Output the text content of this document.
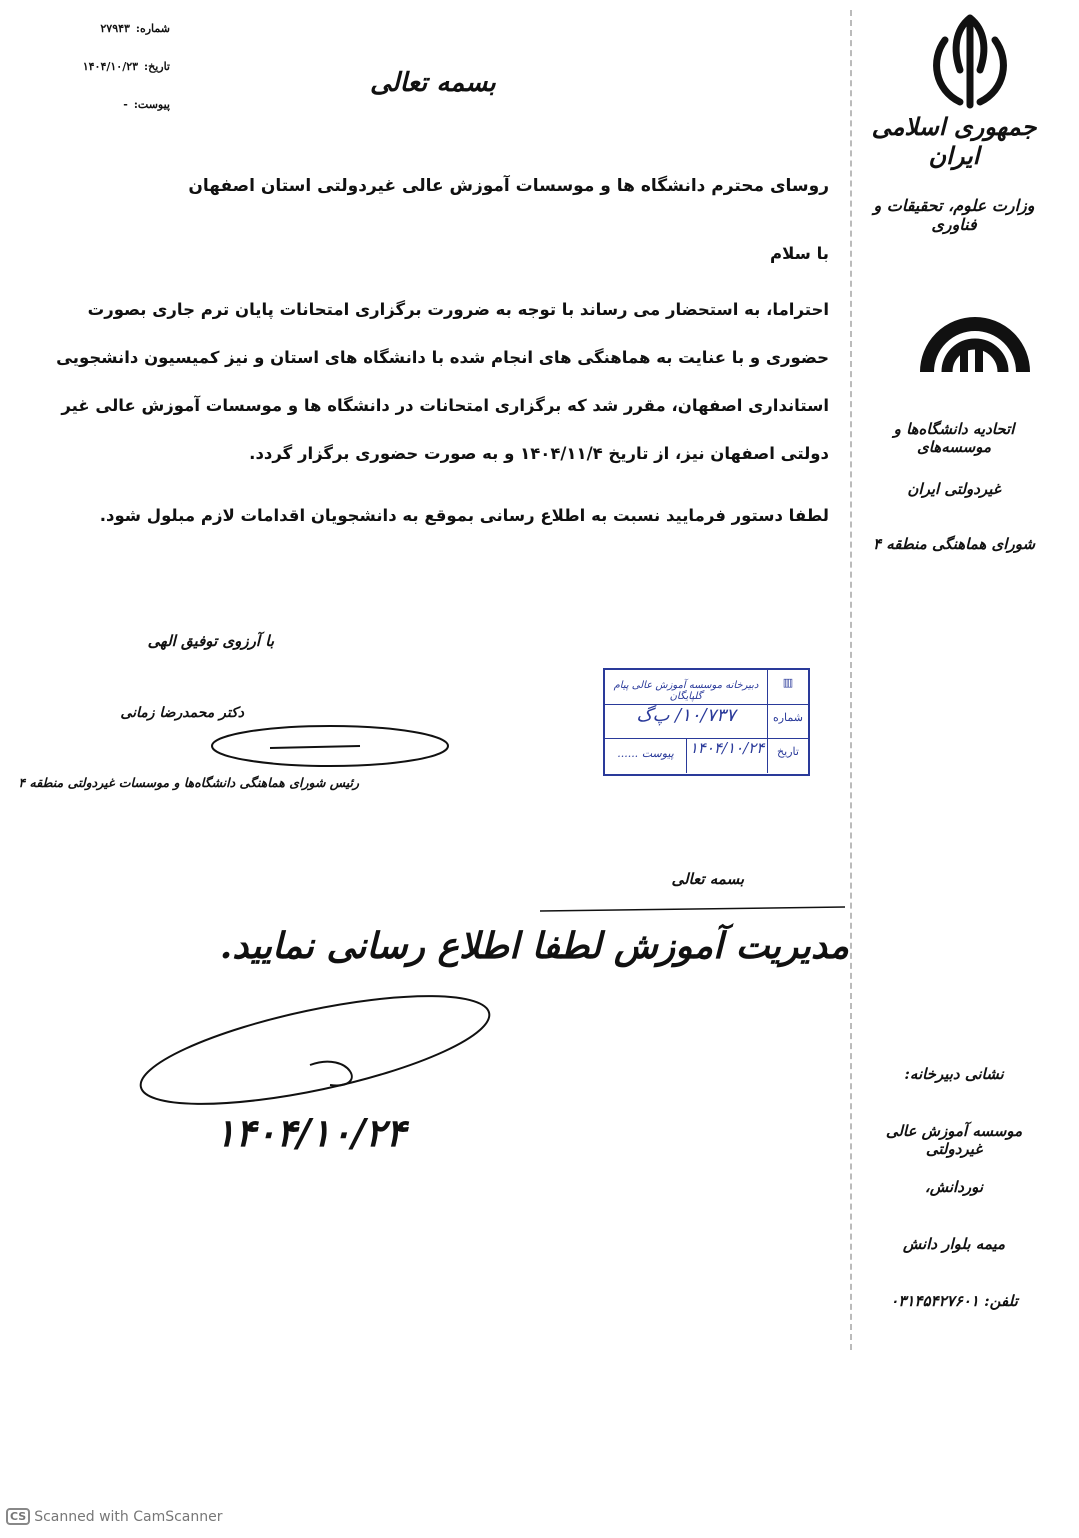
شماره:۲۷۹۴۳
تاریخ:۱۴۰۴/۱۰/۲۳
پیوست:-
بسمه تعالی
جمهوری اسلامی ایران
وزارت علوم، تحقیقات و فناوری
اتحادیه دانشگاه‌ها و موسسه‌های
غیردولتی ایران
شورای هماهنگی منطقه ۴
نشانی دبیرخانه:
موسسه آموزش عالی غیردولتی
نوردانش،
میمه بلوار دانش
تلفن: ۰۳۱۴۵۴۲۷۶۰۱
روسای محترم دانشگاه ها و موسسات آموزش عالی غیردولتی استان اصفهان
با سلام
احتراما، به استحضار می رساند با توجه به ضرورت برگزاری امتحانات پایان ترم جاری بصورت
حضوری و با عنایت به هماهنگی های انجام شده با دانشگاه های استان و نیز کمیسیون دانشجویی
استانداری اصفهان، مقرر شد که برگزاری امتحانات در دانشگاه ها و موسسات آموزش عالی غیر
دولتی اصفهان نیز، از تاریخ ۱۴۰۴/۱۱/۴ و به صورت حضوری برگزار گردد.
لطفا دستور فرمایید نسبت به اطلاع رسانی بموقع به دانشجویان اقدامات لازم مبلول شود.
با آرزوی توفیق الهی
دکتر محمدرضا زمانی
رئیس شورای هماهنگی دانشگاه‌ها و موسسات غیردولتی منطقه ۴
▥
دبیرخانه موسسه آموزش عالی پیام گلپایگان
شماره
۱۰/۷۳۷/ پ‌گ
تاریخ
۱۴۰۴/۱۰/۲۴
پیوست ......
بسمه تعالی
مدیریت آموزش لطفا اطلاع رسانی نمایید.
۱۴۰۴/۱۰/۲۴
CS Scanned with CamScanner
